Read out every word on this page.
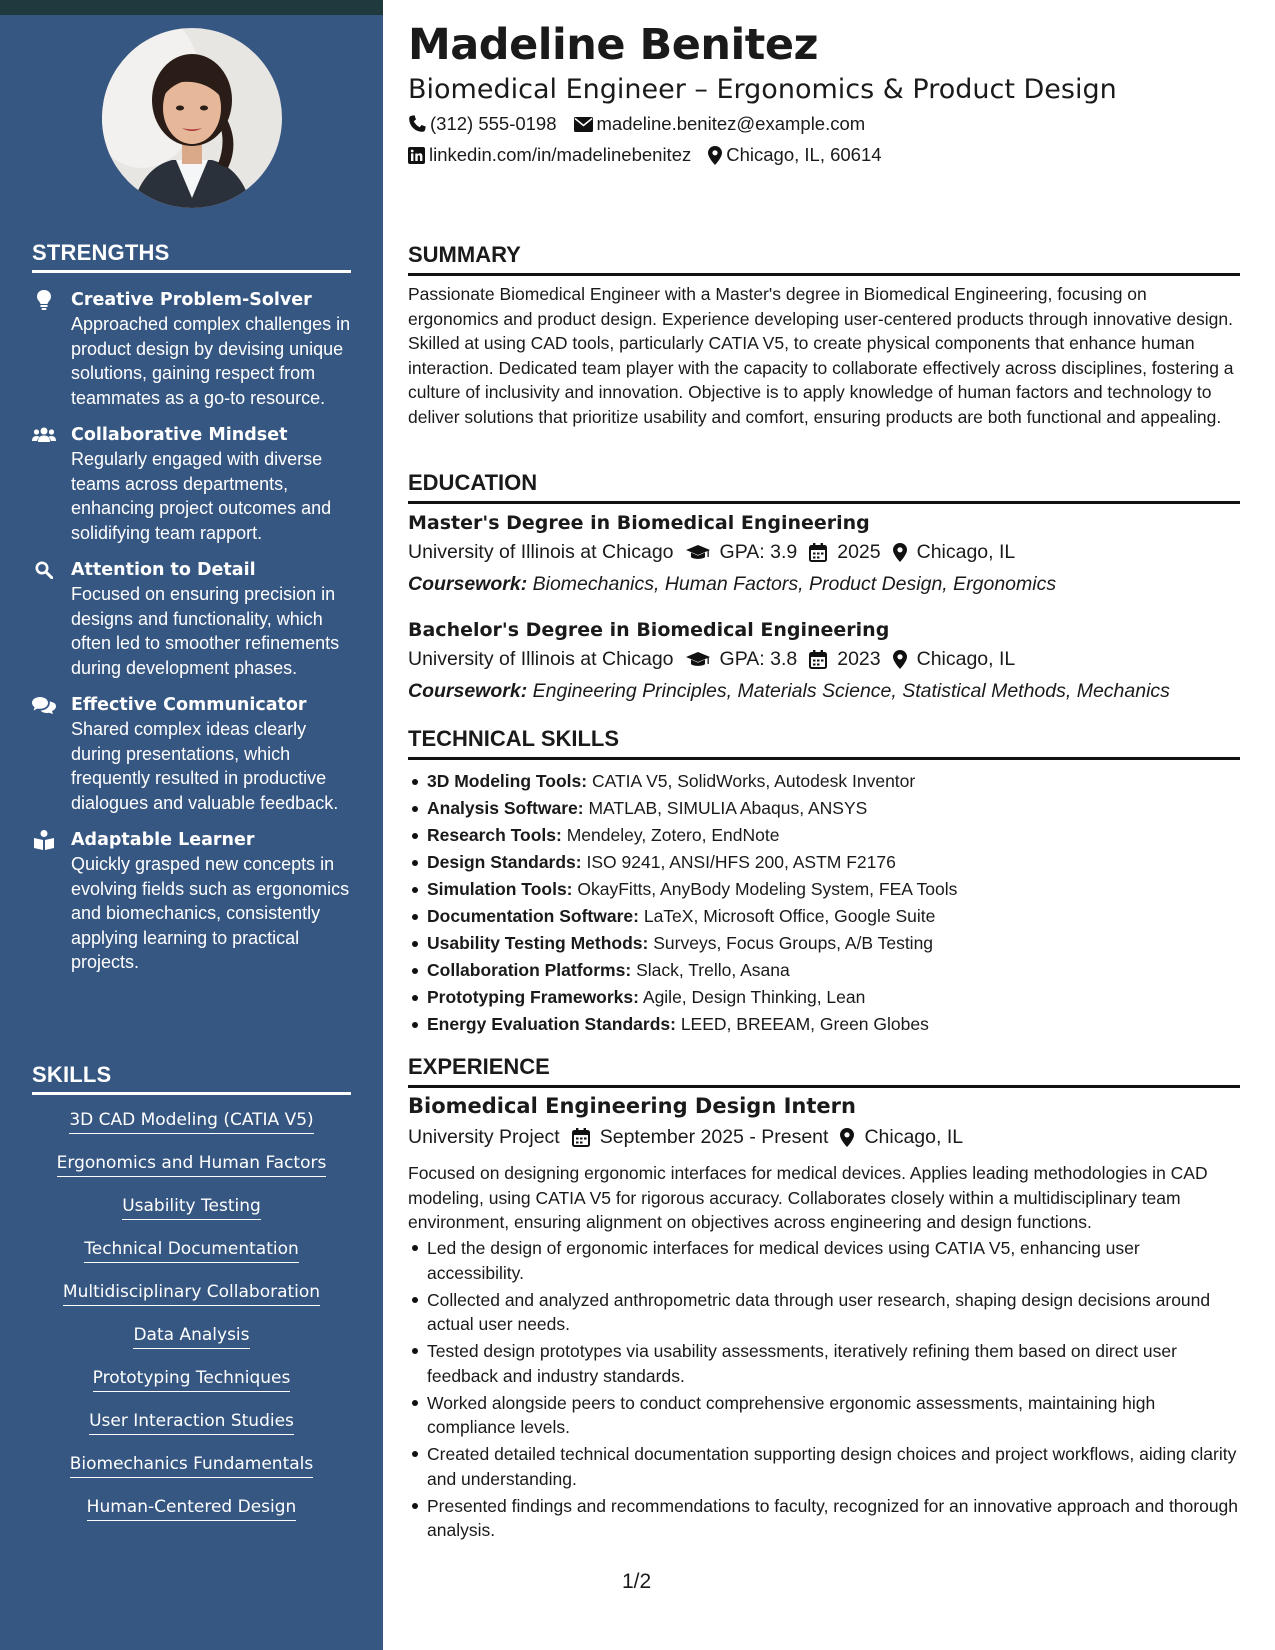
STRENGTHS
Creative Problem-Solver
Approached complex challenges in product design by devising unique solutions, gaining respect from teammates as a go-to resource.
Collaborative Mindset
Regularly engaged with diverse teams across departments, enhancing project outcomes and solidifying team rapport.
Attention to Detail
Focused on ensuring precision in designs and functionality, which often led to smoother refinements during development phases.
Effective Communicator
Shared complex ideas clearly during presentations, which frequently resulted in productive dialogues and valuable feedback.
Adaptable Learner
Quickly grasped new concepts in evolving fields such as ergonomics and biomechanics, consistently applying learning to practical projects.
SKILLS
3D CAD Modeling (CATIA V5)
Ergonomics and Human Factors
Usability Testing
Technical Documentation
Multidisciplinary Collaboration
Data Analysis
Prototyping Techniques
User Interaction Studies
Biomechanics Fundamentals
Human-Centered Design
Madeline Benitez
Biomedical Engineer – Ergonomics & Product Design
(312) 555-0198 madeline.benitez@example.com
linkedin.com/in/madelinebenitez Chicago, IL, 60614
SUMMARY
Passionate Biomedical Engineer with a Master's degree in Biomedical Engineering, focusing on ergonomics and product design. Experience developing user-centered products through innovative design. Skilled at using CAD tools, particularly CATIA V5, to create physical components that enhance human interaction. Dedicated team player with the capacity to collaborate effectively across disciplines, fostering a culture of inclusivity and innovation. Objective is to apply knowledge of human factors and technology to deliver solutions that prioritize usability and comfort, ensuring products are both functional and appealing.
EDUCATION
Master's Degree in Biomedical Engineering
University of Illinois at Chicago GPA: 3.9 2025 Chicago, IL
Coursework: Biomechanics, Human Factors, Product Design, Ergonomics
Bachelor's Degree in Biomedical Engineering
University of Illinois at Chicago GPA: 3.8 2023 Chicago, IL
Coursework: Engineering Principles, Materials Science, Statistical Methods, Mechanics
TECHNICAL SKILLS
3D Modeling Tools: CATIA V5, SolidWorks, Autodesk Inventor
Analysis Software: MATLAB, SIMULIA Abaqus, ANSYS
Research Tools: Mendeley, Zotero, EndNote
Design Standards: ISO 9241, ANSI/HFS 200, ASTM F2176
Simulation Tools: OkayFitts, AnyBody Modeling System, FEA Tools
Documentation Software: LaTeX, Microsoft Office, Google Suite
Usability Testing Methods: Surveys, Focus Groups, A/B Testing
Collaboration Platforms: Slack, Trello, Asana
Prototyping Frameworks: Agile, Design Thinking, Lean
Energy Evaluation Standards: LEED, BREEAM, Green Globes
EXPERIENCE
Biomedical Engineering Design Intern
University Project September 2025 - Present Chicago, IL
Focused on designing ergonomic interfaces for medical devices. Applies leading methodologies in CAD modeling, using CATIA V5 for rigorous accuracy. Collaborates closely within a multidisciplinary team environment, ensuring alignment on objectives across engineering and design functions.
Led the design of ergonomic interfaces for medical devices using CATIA V5, enhancing user accessibility.
Collected and analyzed anthropometric data through user research, shaping design decisions around actual user needs.
Tested design prototypes via usability assessments, iteratively refining them based on direct user feedback and industry standards.
Worked alongside peers to conduct comprehensive ergonomic assessments, maintaining high compliance levels.
Created detailed technical documentation supporting design choices and project workflows, aiding clarity and understanding.
Presented findings and recommendations to faculty, recognized for an innovative approach and thorough analysis.
1/2
